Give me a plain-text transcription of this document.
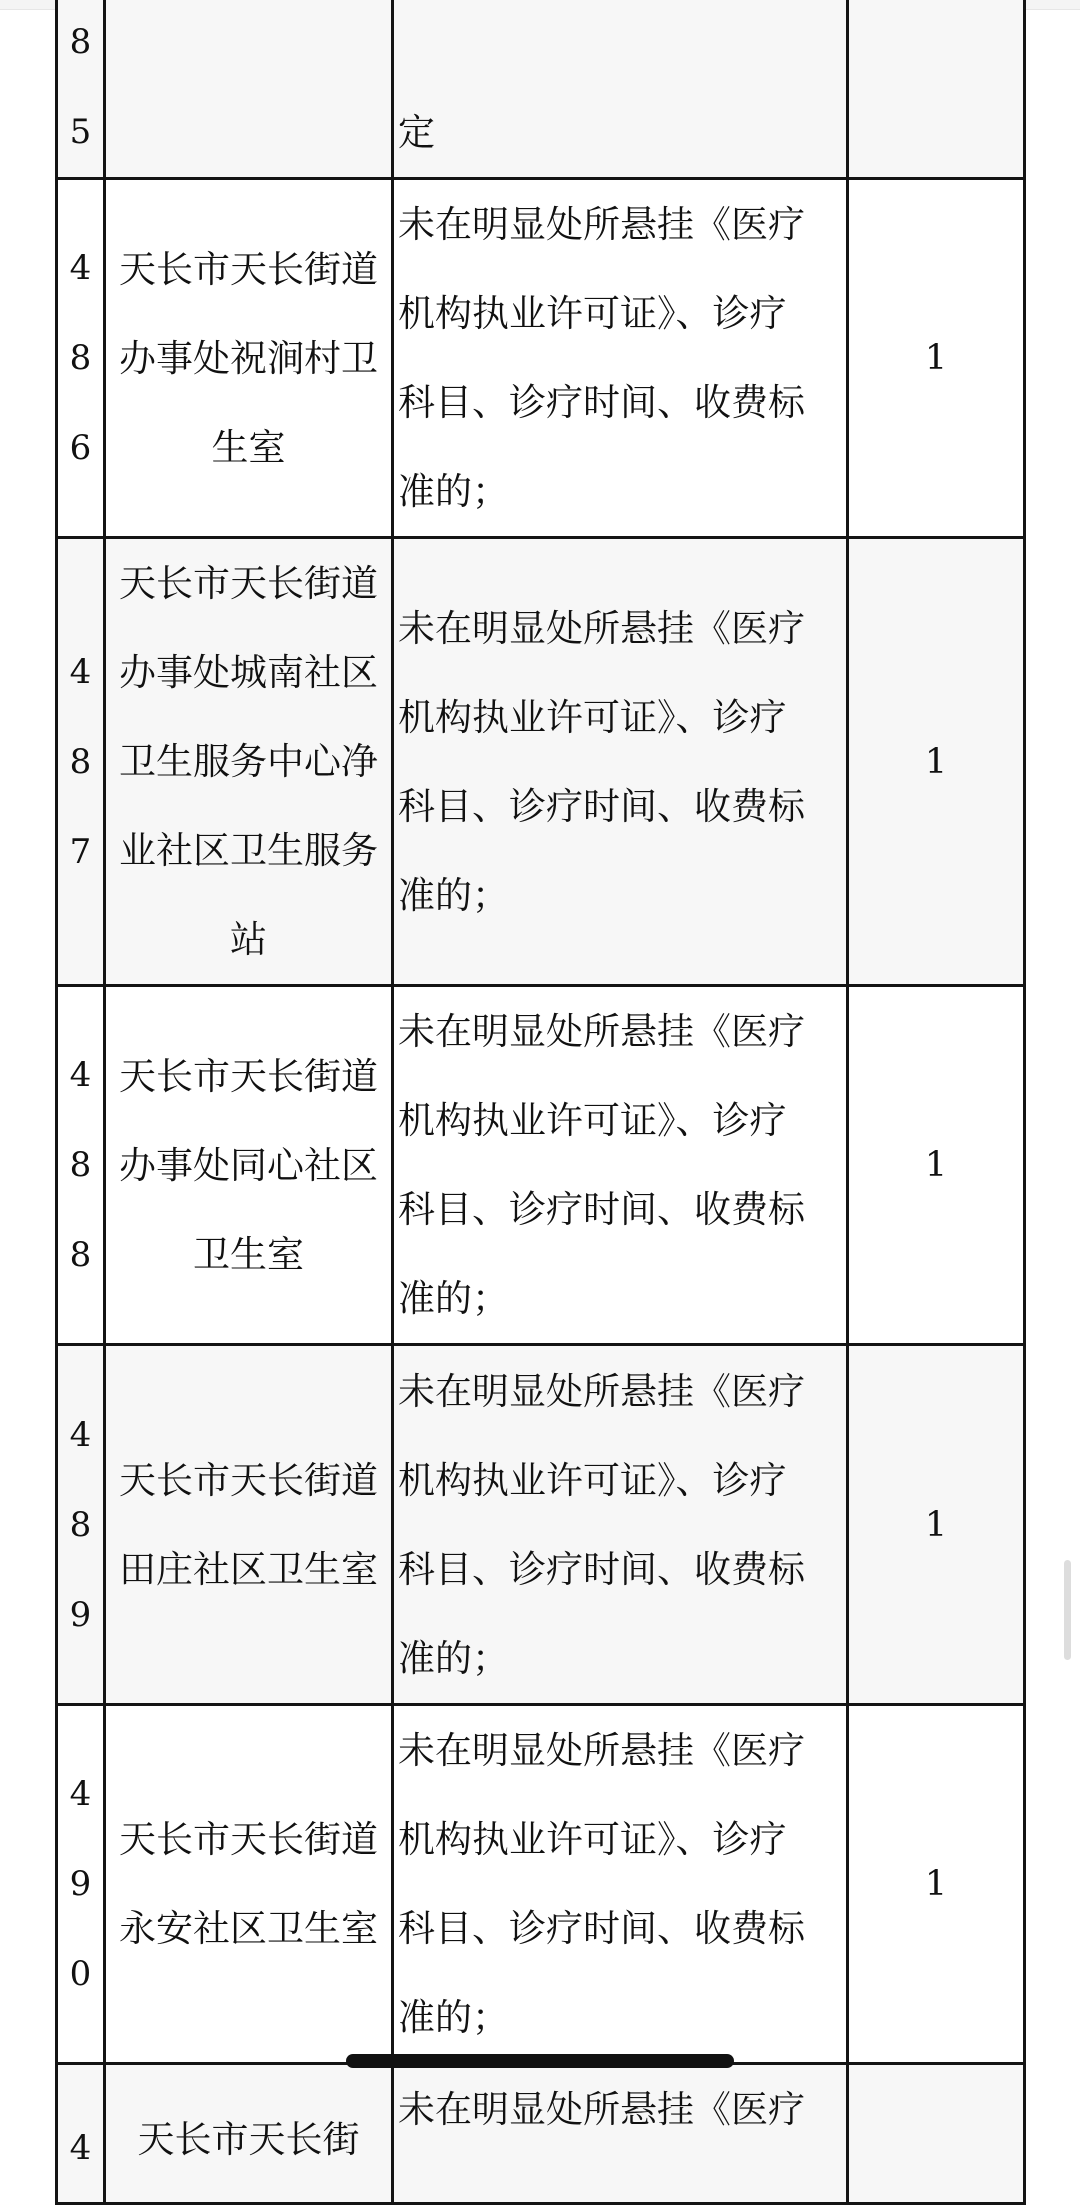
85		定	

486	天长市天长街道办事处祝涧村卫生室	未在明显处所悬挂《医疗机构执业许可证》、诊疗科目、诊疗时间、收费标准的；	1

487	天长市天长街道办事处城南社区卫生服务中心净业社区卫生服务站	未在明显处所悬挂《医疗机构执业许可证》、诊疗科目、诊疗时间、收费标准的；	1

488	天长市天长街道办事处同心社区卫生室	未在明显处所悬挂《医疗机构执业许可证》、诊疗科目、诊疗时间、收费标准的；	1

489	天长市天长街道田庄社区卫生室	未在明显处所悬挂《医疗机构执业许可证》、诊疗科目、诊疗时间、收费标准的；	1

490	天长市天长街道永安社区卫生室	未在明显处所悬挂《医疗机构执业许可证》、诊疗科目、诊疗时间、收费标准的；	1

4	天长市天长街	未在明显处所悬挂《医疗	
